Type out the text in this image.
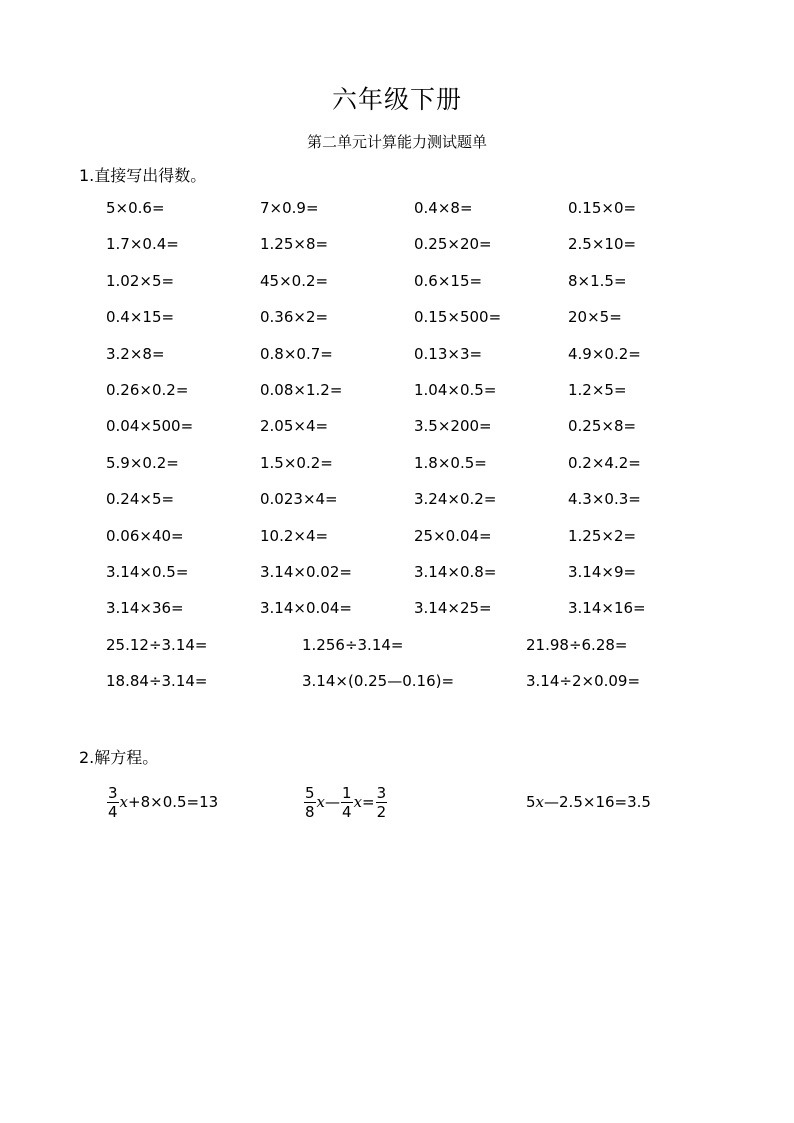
六年级下册
第二单元计算能力测试题单
1.直接写出得数。
5×0.6=	7×0.9=	0.4×8=	0.15×0=
1.7×0.4=	1.25×8=	0.25×20=	2.5×10=
1.02×5=	45×0.2=	0.6×15=	8×1.5=
0.4×15=	0.36×2=	0.15×500=	20×5=
3.2×8=	0.8×0.7=	0.13×3=	4.9×0.2=
0.26×0.2=	0.08×1.2=	1.04×0.5=	1.2×5=
0.04×500=	2.05×4=	3.5×200=	0.25×8=
5.9×0.2=	1.5×0.2=	1.8×0.5=	0.2×4.2=
0.24×5=	0.023×4=	3.24×0.2=	4.3×0.3=
0.06×40=	10.2×4=	25×0.04=	1.25×2=
3.14×0.5=	3.14×0.02=	3.14×0.8=	3.14×9=
3.14×36=	3.14×0.04=	3.14×25=	3.14×16=
25.12÷3.14=	1.256÷3.14=	21.98÷6.28=
18.84÷3.14=	3.14×(0.25—0.16)=	3.14÷2×0.09=
2.解方程。
$\frac{3}{4}$ x +8×0.5=13	$\frac{5}{8}$ x — $\frac{1}{4}$ $x = \frac{3}{2}$	5 x —2.5×16=3.5
